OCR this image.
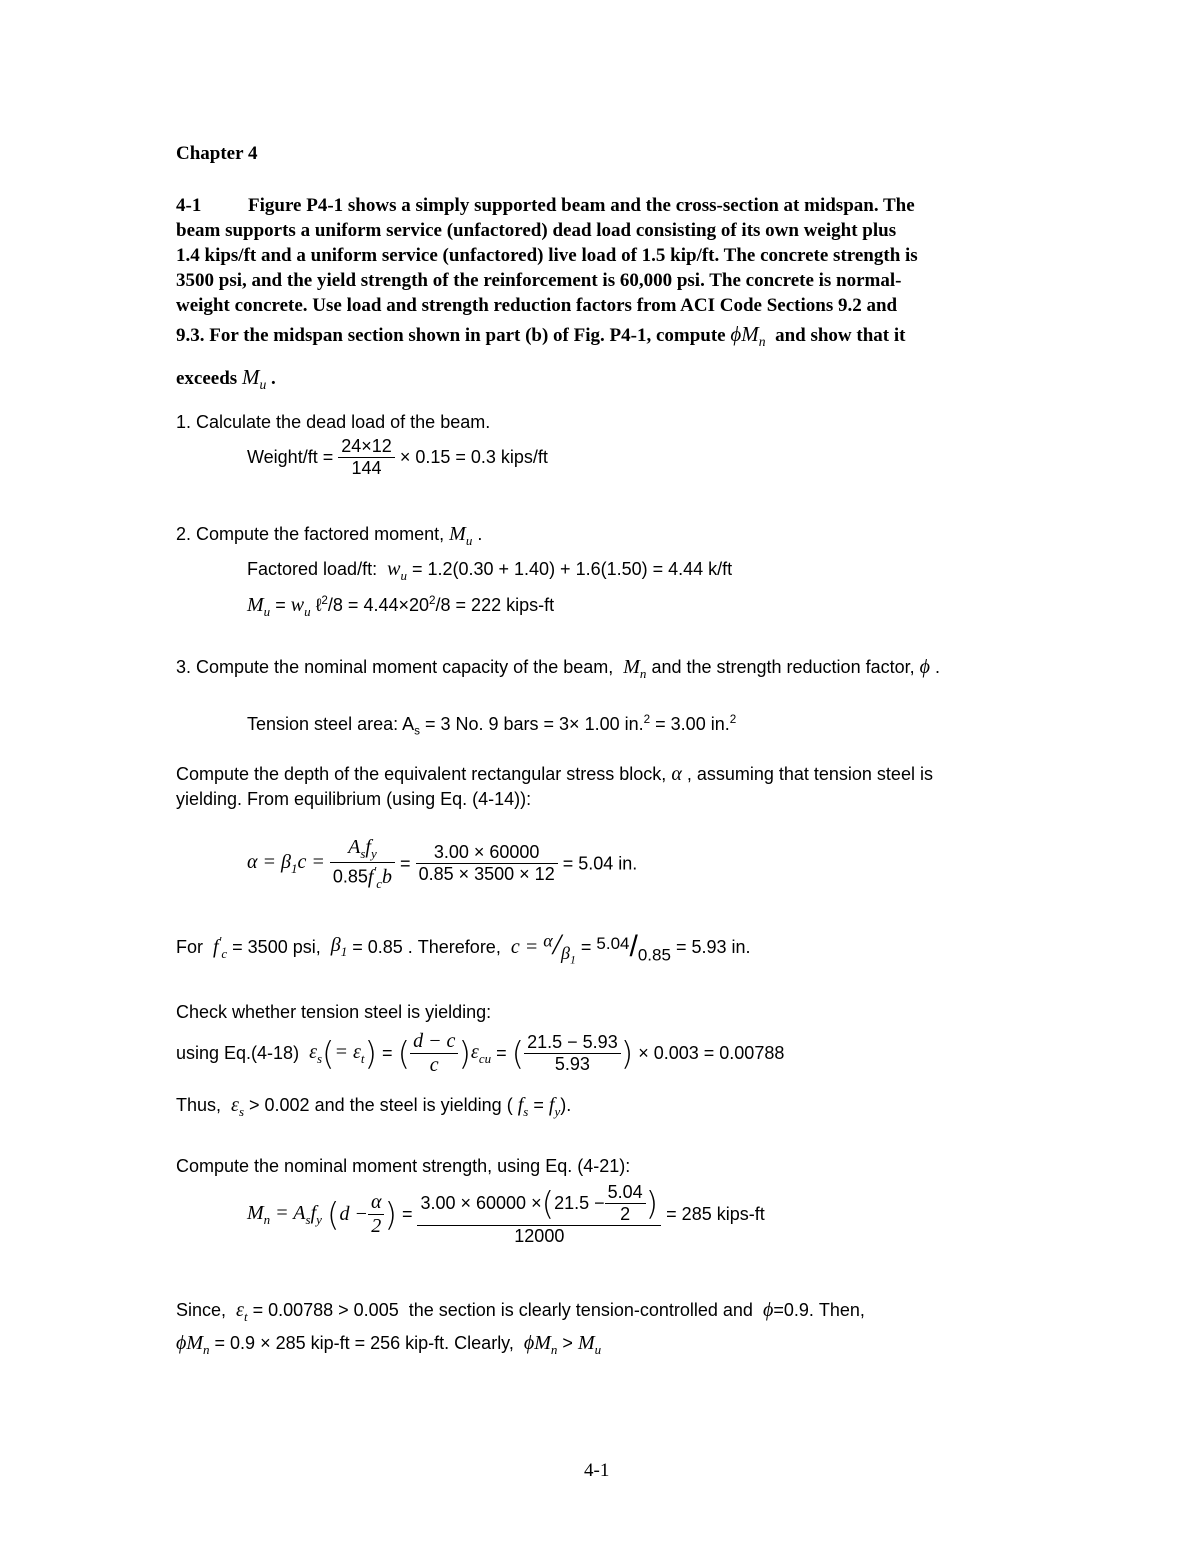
Chapter 4
4-1 Figure P4-1 shows a simply supported beam and the cross-section at midspan. The
beam supports a uniform service (unfactored) dead load consisting of its own weight plus
1.4 kips/ft and a uniform service (unfactored) live load of 1.5 kip/ft. The concrete strength is
3500 psi, and the yield strength of the reinforcement is 60,000 psi. The concrete is normal-
weight concrete. Use load and strength reduction factors from ACI Code Sections 9.2 and
9.3. For the midspan section shown in part (b) of Fig. P4-1, compute $\phi M_n$ and show that it
exceeds $M_u$ .
1. Calculate the dead load of the beam.
Weight/ft = $\frac{24\times 12}{144} \times 0.15 = 0.3$ kips/ft
2. Compute the factored moment, $M_u$ .
Factored load/ft: $w_u = 1.2(0.30 + 1.40) + 1.6(1.50) = 4.44$ k/ft
$M_u = w_u$ ℓ$^2$/8 = $4.44\times 20^2/8 = 222$ kips-ft
3. Compute the nominal moment capacity of the beam, $M_n$ and the strength reduction factor, ϕ .
Tension steel area: $A_s = 3$ No. 9 bars = 3× 1.00 in.$^2$ = 3.00 in.$^2$
Compute the depth of the equivalent rectangular stress block, α , assuming that tension steel is
yielding. From equilibrium (using Eq. (4-14)):
$\alpha = \beta_1c = \frac{A_sf_y}{0.85f'_cb} = \frac{3.00 \times 60000}{0.85 \times 3500 \times 12} = 5.04$ in.
For $f'_c = 3500$ psi, $\beta_1 = 0.85$ . Therefore, $c = ^\alpha/_{\beta_1} = ^{5.04}/_{0.85} = 5.93$ in.
Check whether tension steel is yielding:
using Eq.(4-18) $\varepsilon_s(= \varepsilon_t)$ = ( $\frac{d - c}{c} )\varepsilon_{cu}$ = ( $\frac{21.5 - 5.93}{5.93}$ ) × 0.003 = 0.00788
Thus, $\varepsilon_s > 0.002$ and the steel is yielding ( $f_s = f_y$).
Compute the nominal moment strength, using Eq. (4-21):
$M_n = A_sf_y$ ($d - \frac{\alpha}{2}$ ) = $\frac{3.00 \times 60000 \times(21.5 - \frac{5.04}{2} )}{12000} = 285$ kips-ft
Since, $\varepsilon_t = 0.00788 > 0.005$ the section is clearly tension-controlled and ϕ=0.9. Then,
$\phi M_n = 0.9 \times 285$ kip-ft = 256 kip-ft. Clearly, $\phi M_n > M_u$
4-1
